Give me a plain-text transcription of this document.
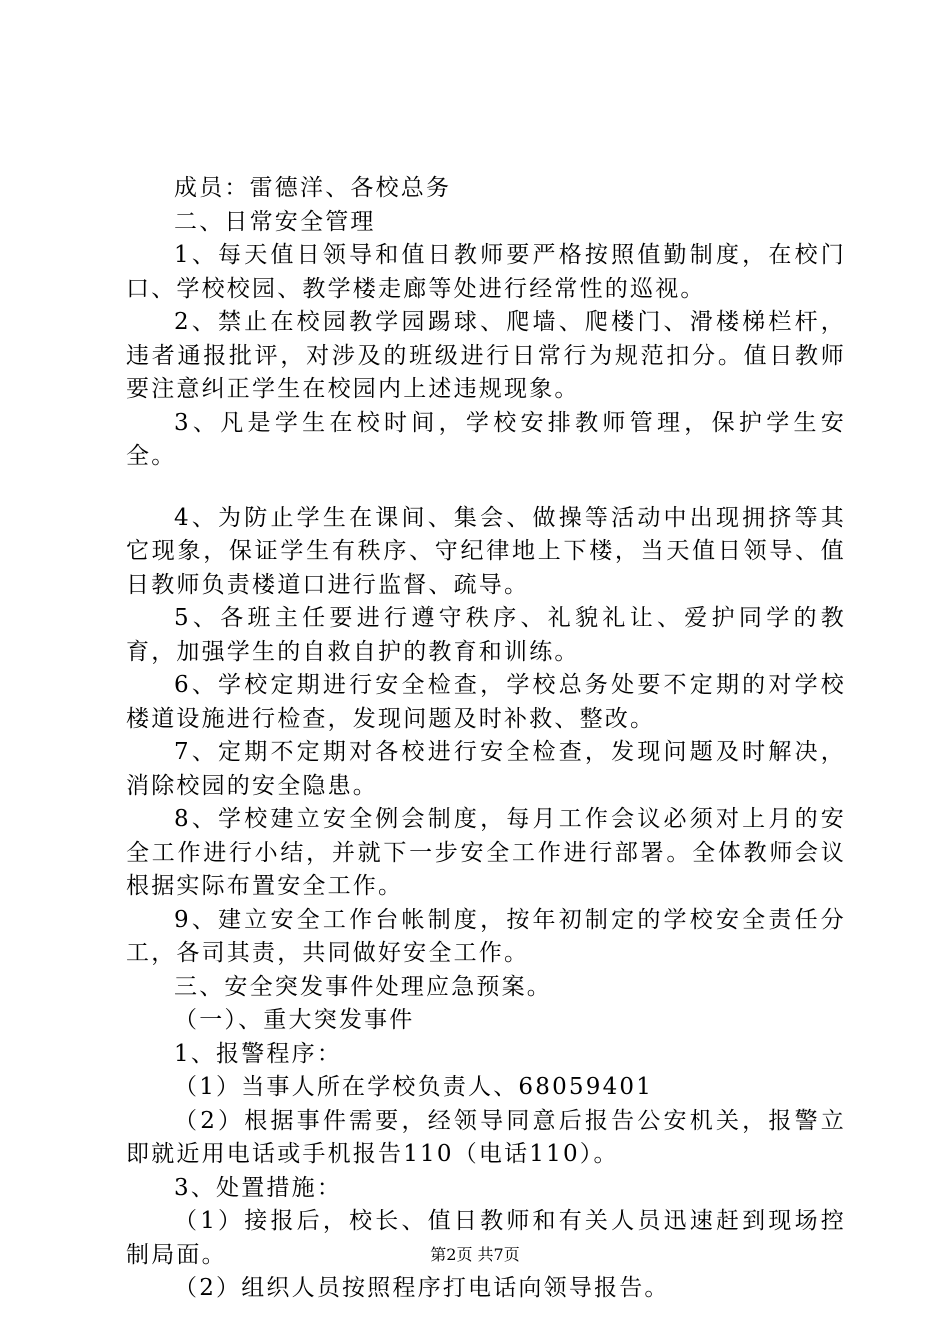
成员：雷德洋、各校总务

二、日常安全管理

1、每天值日领导和值日教师要严格按照值勤制度，在校门口、学校校园、教学楼走廊等处进行经常性的巡视。

2、禁止在校园教学园踢球、爬墙、爬楼门、滑楼梯栏杆，违者通报批评，对涉及的班级进行日常行为规范扣分。值日教师要注意纠正学生在校园内上述违规现象。

3、凡是学生在校时间，学校安排教师管理，保护学生安全。

4、为防止学生在课间、集会、做操等活动中出现拥挤等其它现象，保证学生有秩序、守纪律地上下楼，当天值日领导、值日教师负责楼道口进行监督、疏导。

5、各班主任要进行遵守秩序、礼貌礼让、爱护同学的教育，加强学生的自救自护的教育和训练。

6、学校定期进行安全检查，学校总务处要不定期的对学校楼道设施进行检查，发现问题及时补救、整改。

7、定期不定期对各校进行安全检查，发现问题及时解决，消除校园的安全隐患。

8、学校建立安全例会制度，每月工作会议必须对上月的安全工作进行小结，并就下一步安全工作进行部署。全体教师会议根据实际布置安全工作。

9、建立安全工作台帐制度，按年初制定的学校安全责任分工，各司其责，共同做好安全工作。

三、安全突发事件处理应急预案。

（一）、重大突发事件

1、报警程序：

（1）当事人所在学校负责人、68059401

（2）根据事件需要，经领导同意后报告公安机关，报警立即就近用电话或手机报告110（电话110）。

3、处置措施：

（1）接报后，校长、值日教师和有关人员迅速赶到现场控制局面。

（2）组织人员按照程序打电话向领导报告。

第2页 共7页
